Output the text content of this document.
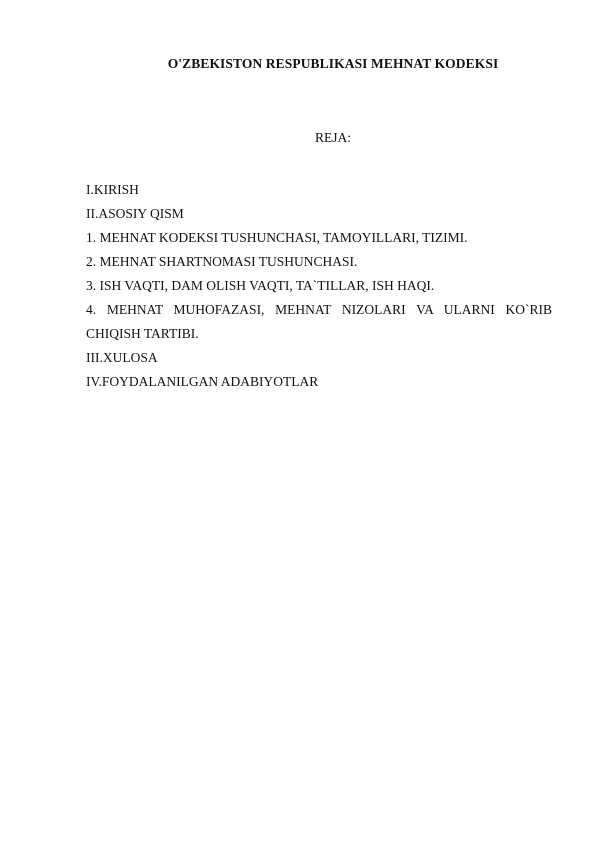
O'ZBEKISTON RESPUBLIKASI MEHNAT KODEKSI
REJA:
I.KIRISH
II.ASOSIY QISM
1. MEHNAT KODEKSI TUSHUNCHASI, TAMOYILLARI, TIZIMI.
2. MEHNAT SHARTNOMASI TUSHUNCHASI.
3. ISH VAQTI, DAM OLISH VAQTI, TA`TILLAR, ISH HAQI.
4. MEHNAT MUHOFAZASI, MEHNAT NIZOLARI VA ULARNI KO`RIB CHIQISH TARTIBI.
III.XULOSA
IV.FOYDALANILGAN ADABIYOTLAR
